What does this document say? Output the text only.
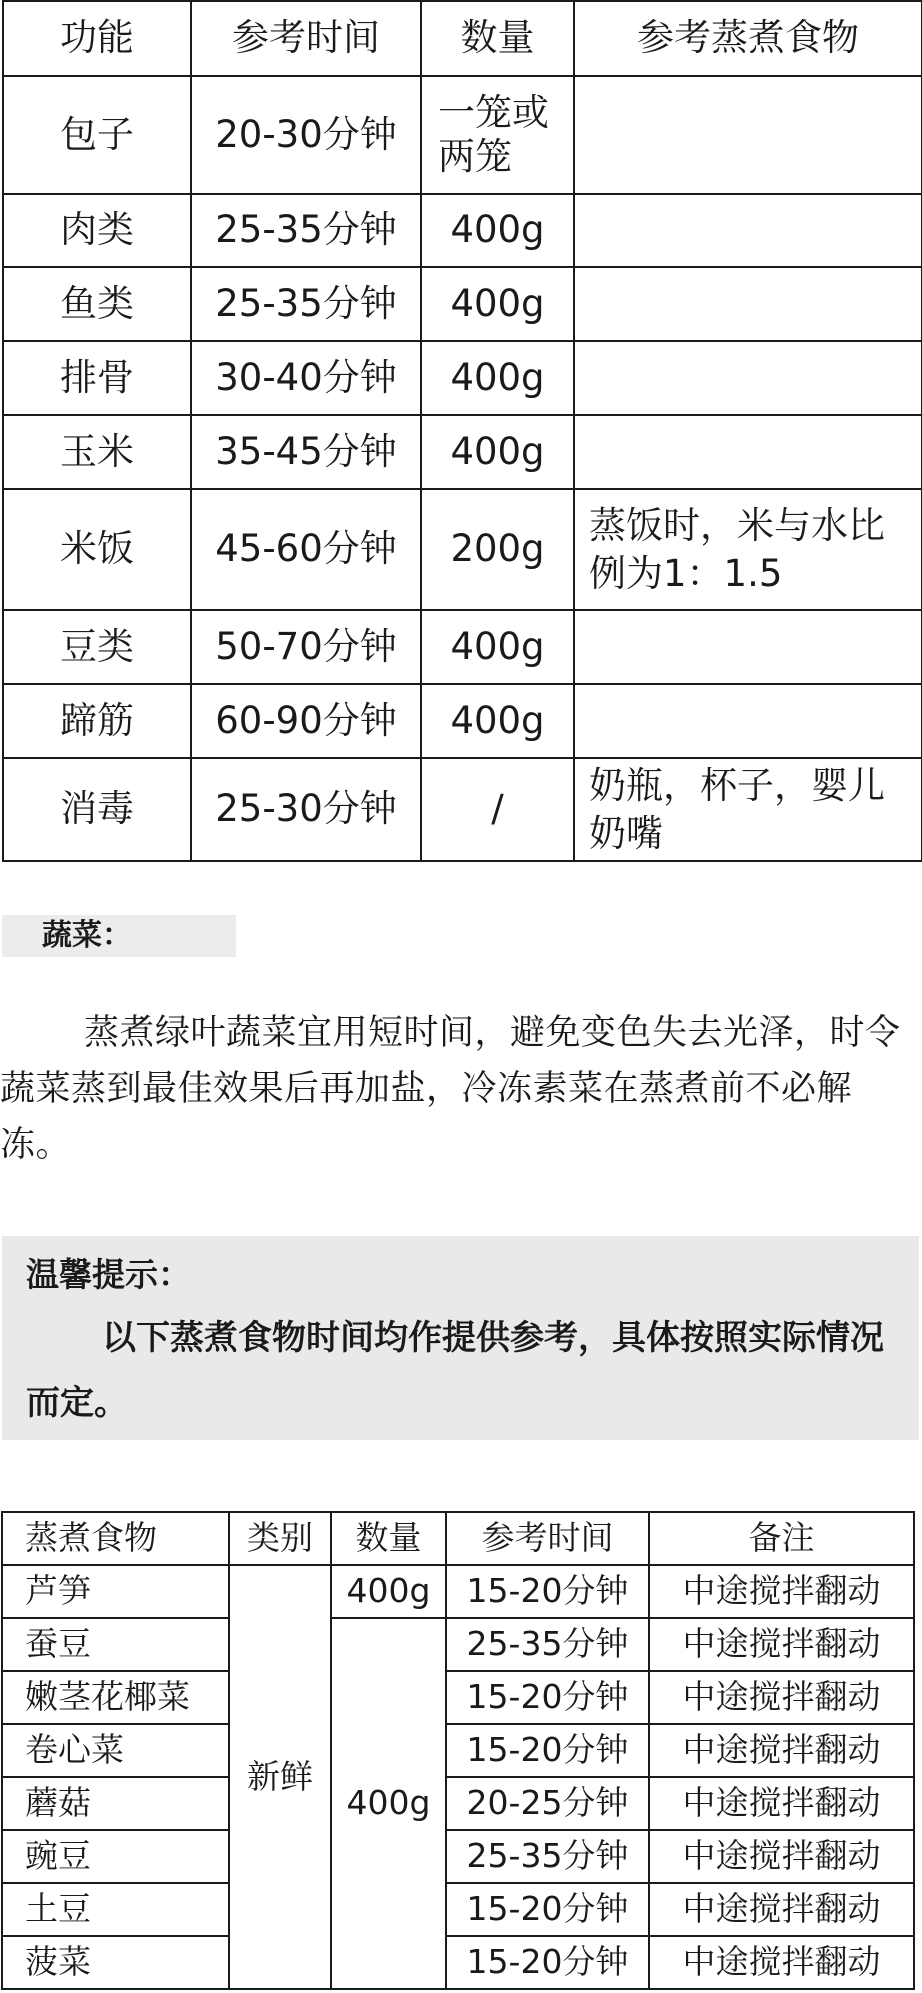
功能	参考时间	数量	参考蒸煮食物
包子	20-30分钟	一笼或两笼	
肉类	25-35分钟	400g	
鱼类	25-35分钟	400g	
排骨	30-40分钟	400g	
玉米	35-45分钟	400g	
米饭	45-60分钟	200g	蒸饭时，米与水比例为1：1.5
豆类	50-70分钟	400g	
蹄筋	60-90分钟	400g	
消毒	25-30分钟	/	奶瓶，杯子，婴儿奶嘴
蔬菜：

蒸煮绿叶蔬菜宜用短时间，避免变色失去光泽，时令蔬菜蒸到最佳效果后再加盐，冷冻素菜在蒸煮前不必解冻。

温馨提示：

以下蒸煮食物时间均作提供参考，具体按照实际情况而定。

蒸煮食物	类别	数量	参考时间	备注
芦笋	新鲜	400g	15-20分钟	中途搅拌翻动
蚕豆		400g	25-35分钟	中途搅拌翻动
嫩茎花椰菜			15-20分钟	中途搅拌翻动
卷心菜			15-20分钟	中途搅拌翻动
蘑菇			20-25分钟	中途搅拌翻动
豌豆			25-35分钟	中途搅拌翻动
土豆			15-20分钟	中途搅拌翻动
菠菜			15-20分钟	中途搅拌翻动
